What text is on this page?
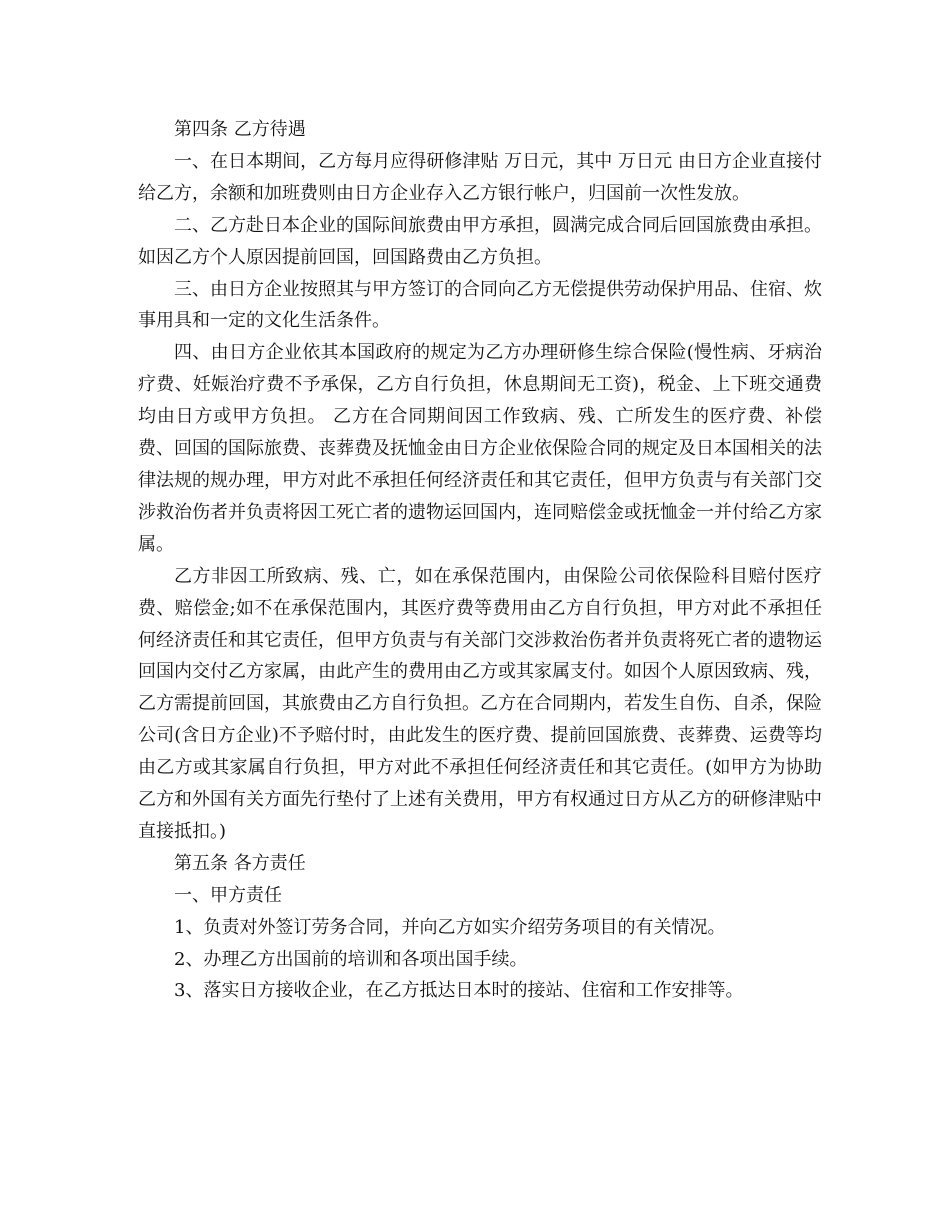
第四条 乙方待遇

一、在日本期间，乙方每月应得研修津贴 万日元，其中 万日元 由日方企业直接付给乙方，余额和加班费则由日方企业存入乙方银行帐户，归国前一次性发放。

二、乙方赴日本企业的国际间旅费由甲方承担，圆满完成合同后回国旅费由承担。如因乙方个人原因提前回国，回国路费由乙方负担。

三、由日方企业按照其与甲方签订的合同向乙方无偿提供劳动保护用品、住宿、炊事用具和一定的文化生活条件。

四、由日方企业依其本国政府的规定为乙方办理研修生综合保险(慢性病、牙病治疗费、妊娠治疗费不予承保，乙方自行负担，休息期间无工资)，税金、上下班交通费均由日方或甲方负担。 乙方在合同期间因工作致病、残、亡所发生的医疗费、补偿费、回国的国际旅费、丧葬费及抚恤金由日方企业依保险合同的规定及日本国相关的法律法规的规办理，甲方对此不承担任何经济责任和其它责任，但甲方负责与有关部门交涉救治伤者并负责将因工死亡者的遗物运回国内，连同赔偿金或抚恤金一并付给乙方家属。

乙方非因工所致病、残、亡，如在承保范围内，由保险公司依保险科目赔付医疗费、赔偿金;如不在承保范围内，其医疗费等费用由乙方自行负担，甲方对此不承担任何经济责任和其它责任，但甲方负责与有关部门交涉救治伤者并负责将死亡者的遗物运回国内交付乙方家属，由此产生的费用由乙方或其家属支付。如因个人原因致病、残，乙方需提前回国，其旅费由乙方自行负担。乙方在合同期内，若发生自伤、自杀，保险公司(含日方企业)不予赔付时，由此发生的医疗费、提前回国旅费、丧葬费、运费等均由乙方或其家属自行负担，甲方对此不承担任何经济责任和其它责任。(如甲方为协助乙方和外国有关方面先行垫付了上述有关费用，甲方有权通过日方从乙方的研修津贴中直接抵扣。)

第五条 各方责任

一、甲方责任

1、负责对外签订劳务合同，并向乙方如实介绍劳务项目的有关情况。

2、办理乙方出国前的培训和各项出国手续。

3、落实日方接收企业，在乙方抵达日本时的接站、住宿和工作安排等。
